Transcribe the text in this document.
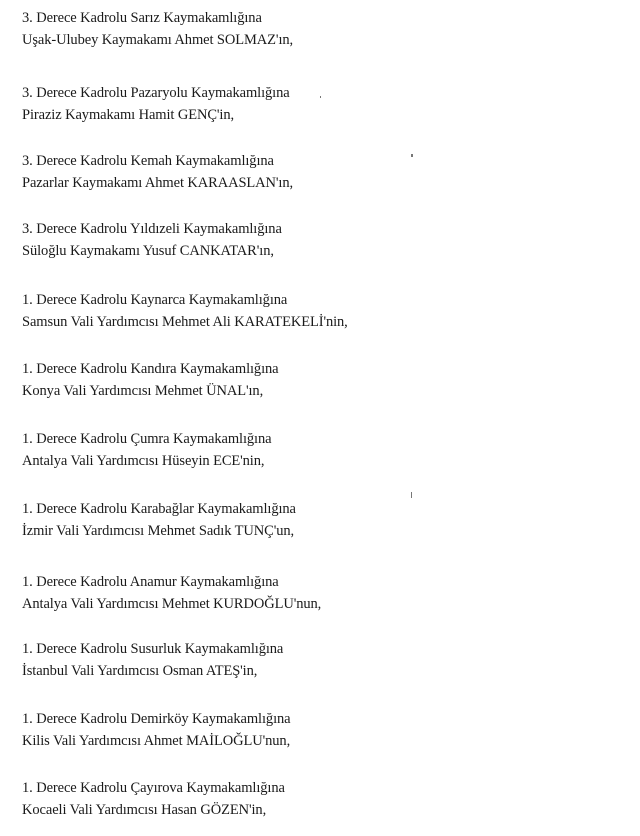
3. Derece Kadrolu Sarız Kaymakamlığına
Uşak-Ulubey Kaymakamı Ahmet SOLMAZ'ın,
3. Derece Kadrolu Pazaryolu Kaymakamlığına
Piraziz Kaymakamı Hamit GENÇ'in,
3. Derece Kadrolu Kemah Kaymakamlığına
Pazarlar Kaymakamı Ahmet KARAASLAN'ın,
3. Derece Kadrolu Yıldızeli Kaymakamlığına
Süloğlu Kaymakamı Yusuf CANKATAR'ın,
1. Derece Kadrolu Kaynarca Kaymakamlığına
Samsun Vali Yardımcısı Mehmet Ali KARATEKELİ'nin,
1. Derece Kadrolu Kandıra Kaymakamlığına
Konya Vali Yardımcısı Mehmet ÜNAL'ın,
1. Derece Kadrolu Çumra Kaymakamlığına
Antalya Vali Yardımcısı Hüseyin ECE'nin,
1. Derece Kadrolu Karabağlar Kaymakamlığına
İzmir Vali Yardımcısı Mehmet Sadık TUNÇ'un,
1. Derece Kadrolu Anamur Kaymakamlığına
Antalya Vali Yardımcısı Mehmet KURDOĞLU'nun,
1. Derece Kadrolu Susurluk Kaymakamlığına
İstanbul Vali Yardımcısı Osman ATEŞ'in,
1. Derece Kadrolu Demirköy Kaymakamlığına
Kilis Vali Yardımcısı Ahmet MAİLOĞLU'nun,
1. Derece Kadrolu Çayırova Kaymakamlığına
Kocaeli Vali Yardımcısı Hasan GÖZEN'in,
